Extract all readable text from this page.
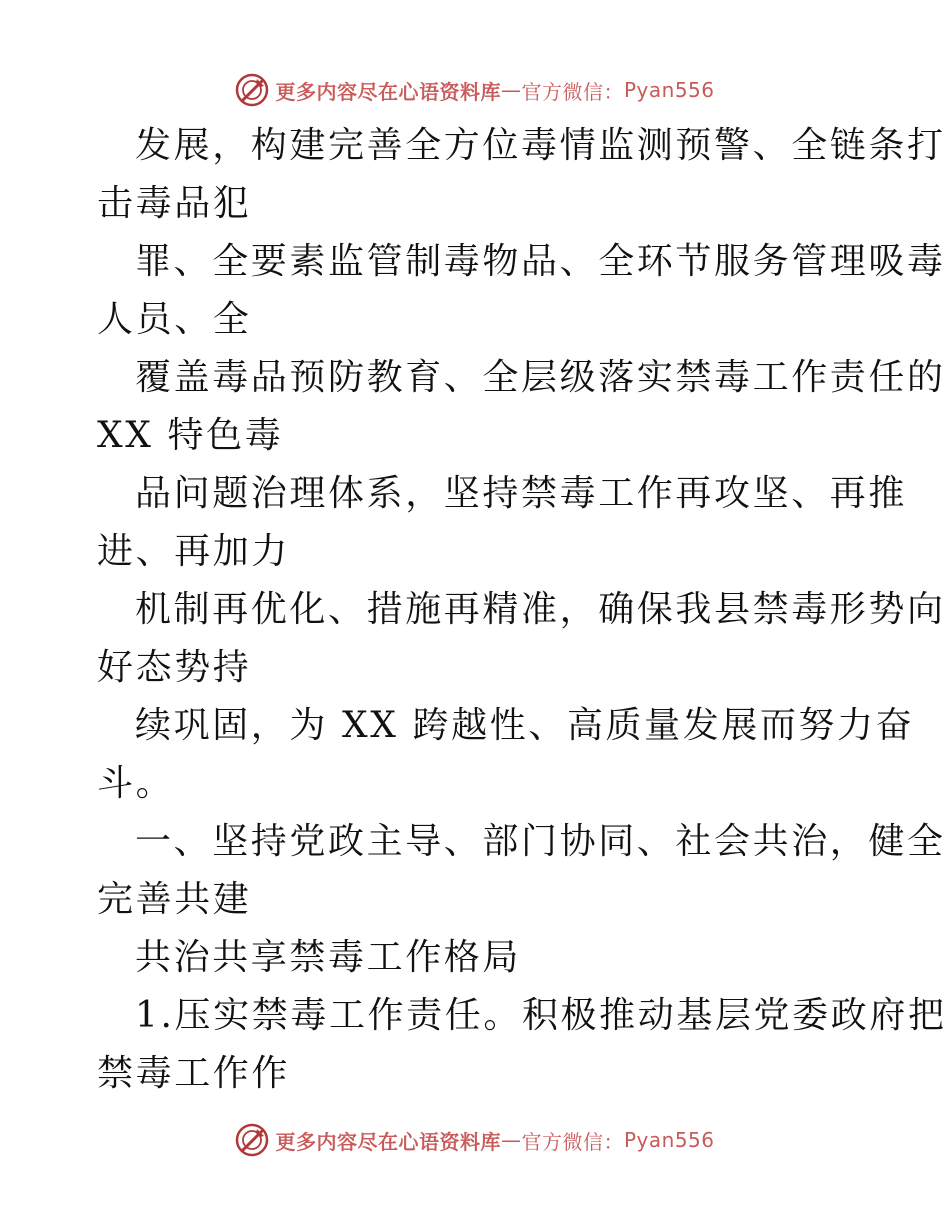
更多内容尽在心语资料库 — 官方微信： Pyan556
发展，构建完善全方位毒情监测预警、全链条打
击毒品犯
罪、全要素监管制毒物品、全环节服务管理吸毒
人员、全
覆盖毒品预防教育、全层级落实禁毒工作责任的
XX 特色毒
品问题治理体系，坚持禁毒工作再攻坚、再推
进、再加力
机制再优化、措施再精准，确保我县禁毒形势向
好态势持
续巩固，为 XX 跨越性、高质量发展而努力奋
斗。
一、坚持党政主导、部门协同、社会共治，健全
完善共建
共治共享禁毒工作格局
1.压实禁毒工作责任。积极推动基层党委政府把
禁毒工作作
更多内容尽在心语资料库 — 官方微信： Pyan556
